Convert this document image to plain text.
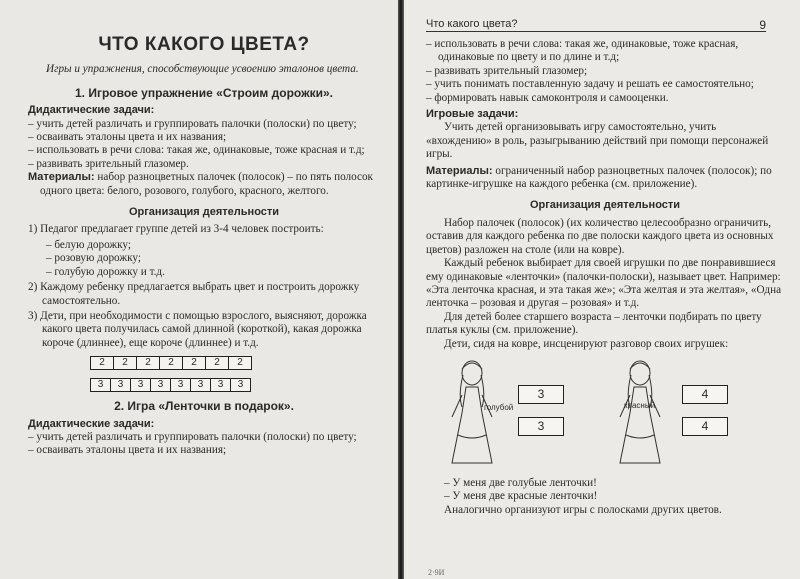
ЧТО КАКОГО ЦВЕТА?

Игры и упражнения, способствующие усвоению эталонов цвета.

1. Игровое упражнение «Строим дорожки».
Дидактические задачи:
– учить детей различать и группировать палочки (полоски) по цвету;
– осваивать эталоны цвета и их названия;
– использовать в речи слова: такая же, одинаковые, тоже красная и т.д;
– развивать зрительный глазомер.
Материалы: набор разноцветных палочек (полосок) – по пять полосок одного цвета: белого, розового, голубого, красного, желтого.
Организация деятельности
1) Педагог предлагает группе детей из 3-4 человек построить:
– белую дорожку;
– розовую дорожку;
– голубую дорожку и т.д.
2) Каждому ребенку предлагается выбрать цвет и построить дорожку самостоятельно.
3) Дети, при необходимости с помощью взрослого, выясняют, дорожка какого цвета получилась самой длинной (короткой), какая дорожка короче (длиннее), еще короче (длиннее) и т.д.
2	2	2	2	2	2	2
3	3	3	3	3	3	3	3
2. Игра «Ленточки в подарок».
Дидактические задачи:
– учить детей различать и группировать палочки (полоски) по цвету;
– осваивать эталоны цвета и их названия;
Что какого цвета?	9
– использовать в речи слова: такая же, одинаковые, тоже красная, одинаковые по цвету и по длине и т.д;
– развивать зрительный глазомер;
– учить понимать поставленную задачу и решать ее самостоятельно;
– формировать навык самоконтроля и самооценки.
Игровые задачи:

Учить детей организовывать игру самостоятельно, учить «вхождению» в роль, разыгрыванию действий при помощи персонажей игры.

Материалы: ограниченный набор разноцветных палочек (полосок); по картинке-игрушке на каждого ребенка (см. приложение).
Организация деятельности

Набор палочек (полосок) (их количество целесообразно ограничить, оставив для каждого ребенка по две полоски каждого цвета из основных цветов) разложен на столе (или на ковре).

Каждый ребенок выбирает для своей игрушки по две понравившиеся ему одинаковые «ленточки» (палочки-полоски), называет цвет. Например: «Эта ленточка красная, и эта такая же»; «Эта желтая и эта желтая», «Одна ленточка – розовая и другая – розовая» и т.д.

Для детей более старшего возраста – ленточки подбирать по цвету платья куклы (см. приложение).

Дети, сидя на ковре, инсценируют разговор своих игрушек:

голубой
3
3
красный
4
4

– У меня две голубые ленточки!

– У меня две красные ленточки!

Аналогично организуют игры с полосками других цветов.

2·9И
